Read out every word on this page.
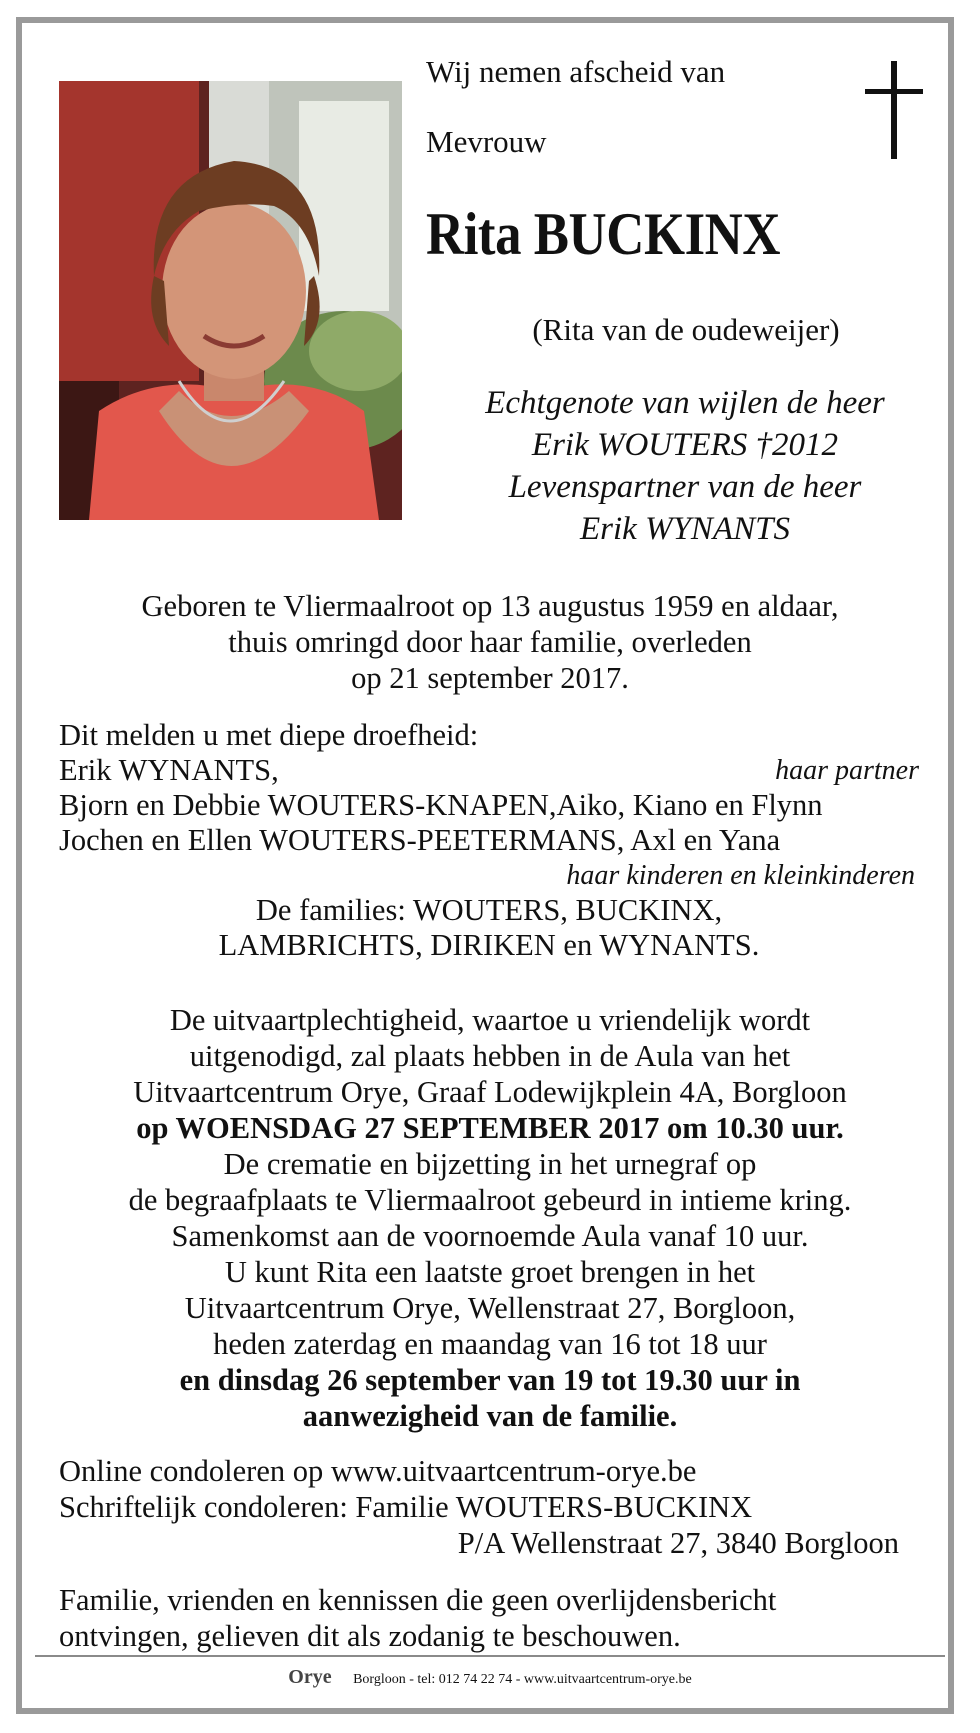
Wij nemen afscheid van
Mevrouw
Rita BUCKINX
(Rita van de oudeweijer)
Echtgenote van wijlen de heer
Erik WOUTERS †2012
Levenspartner van de heer
Erik WYNANTS
Geboren te Vliermaalroot op 13 augustus 1959 en aldaar,
thuis omringd door haar familie, overleden
op 21 september 2017.
Dit melden u met diepe droefheid:
Erik WYNANTS,	haar partner
Bjorn en Debbie WOUTERS-KNAPEN,Aiko, Kiano en Flynn
Jochen en Ellen WOUTERS-PEETERMANS, Axl en Yana
haar kinderen en kleinkinderen
De families: WOUTERS, BUCKINX,
LAMBRICHTS, DIRIKEN en WYNANTS.
De uitvaartplechtigheid, waartoe u vriendelijk wordt
uitgenodigd, zal plaats hebben in de Aula van het
Uitvaartcentrum Orye, Graaf Lodewijkplein 4A, Borgloon
op WOENSDAG 27 SEPTEMBER 2017 om 10.30 uur.
De crematie en bijzetting in het urnegraf op
de begraafplaats te Vliermaalroot gebeurd in intieme kring.
Samenkomst aan de voornoemde Aula vanaf 10 uur.
U kunt Rita een laatste groet brengen in het
Uitvaartcentrum Orye, Wellenstraat 27, Borgloon,
heden zaterdag en maandag van 16 tot 18 uur
en dinsdag 26 september van 19 tot 19.30 uur in
aanwezigheid van de familie.
Online condoleren op www.uitvaartcentrum-orye.be
Schriftelijk condoleren: Familie WOUTERS-BUCKINX
P/A Wellenstraat 27, 3840 Borgloon
Familie, vrienden en kennissen die geen overlijdensbericht
ontvingen, gelieven dit als zodanig te beschouwen.
Orye Borgloon - tel: 012 74 22 74 - www.uitvaartcentrum-orye.be
